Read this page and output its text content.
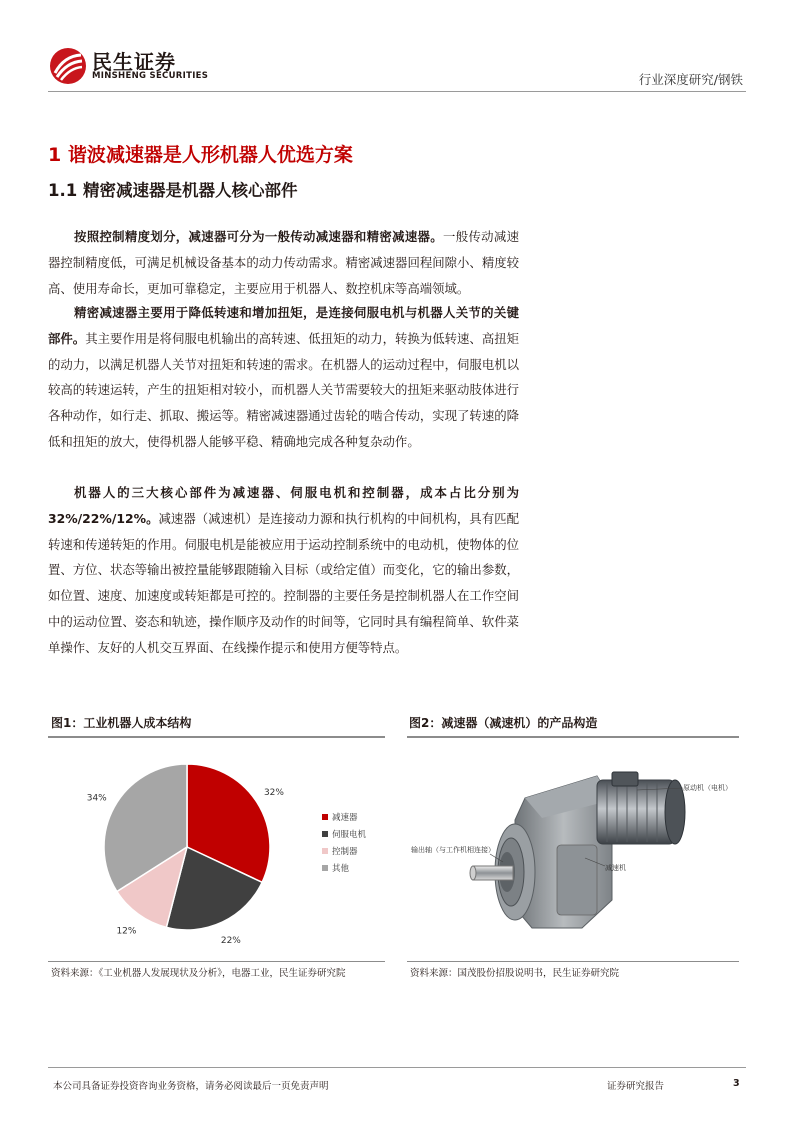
民生证券
MINSHENG SECURITIES	行业深度研究/钢铁
1 谐波减速器是人形机器人优选方案
1.1 精密减速器是机器人核心部件
按照控制精度划分，减速器可分为一般传动减速器和精密减速器。一般传动减速器控制精度低，可满足机械设备基本的动力传动需求。精密减速器回程间隙小、精度较高、使用寿命长，更加可靠稳定，主要应用于机器人、数控机床等高端领域。
精密减速器主要用于降低转速和增加扭矩，是连接伺服电机与机器人关节的关键部件。其主要作用是将伺服电机输出的高转速、低扭矩的动力，转换为低转速、高扭矩的动力，以满足机器人关节对扭矩和转速的需求。在机器人的运动过程中，伺服电机以较高的转速运转，产生的扭矩相对较小，而机器人关节需要较大的扭矩来驱动肢体进行各种动作，如行走、抓取、搬运等。精密减速器通过齿轮的啮合传动，实现了转速的降低和扭矩的放大，使得机器人能够平稳、精确地完成各种复杂动作。
机器人的三大核心部件为减速器、伺服电机和控制器，成本占比分别为32%/22%/12%。减速器（减速机）是连接动力源和执行机构的中间机构，具有匹配转速和传递转矩的作用。伺服电机是能被应用于运动控制系统中的电动机，使物体的位置、方位、状态等输出被控量能够跟随输入目标（或给定值）而变化，它的输出参数，如位置、速度、加速度或转矩都是可控的。控制器的主要任务是控制机器人在工作空间中的运动位置、姿态和轨迹，操作顺序及动作的时间等，它同时具有编程简单、软件菜单操作、友好的人机交互界面、在线操作提示和使用方便等特点。
图1：工业机器人成本结构
32%
22%
12%
34%
减速器
伺服电机
控制器
其他
资料来源：《工业机器人发展现状及分析》，电器工业，民生证券研究院
图2：减速器（减速机）的产品构造
原动机（电机）
输出轴（与工作机相连接）
减速机
资料来源：国茂股份招股说明书，民生证券研究院
本公司具备证券投资咨询业务资格，请务必阅读最后一页免责声明	证券研究报告	3
